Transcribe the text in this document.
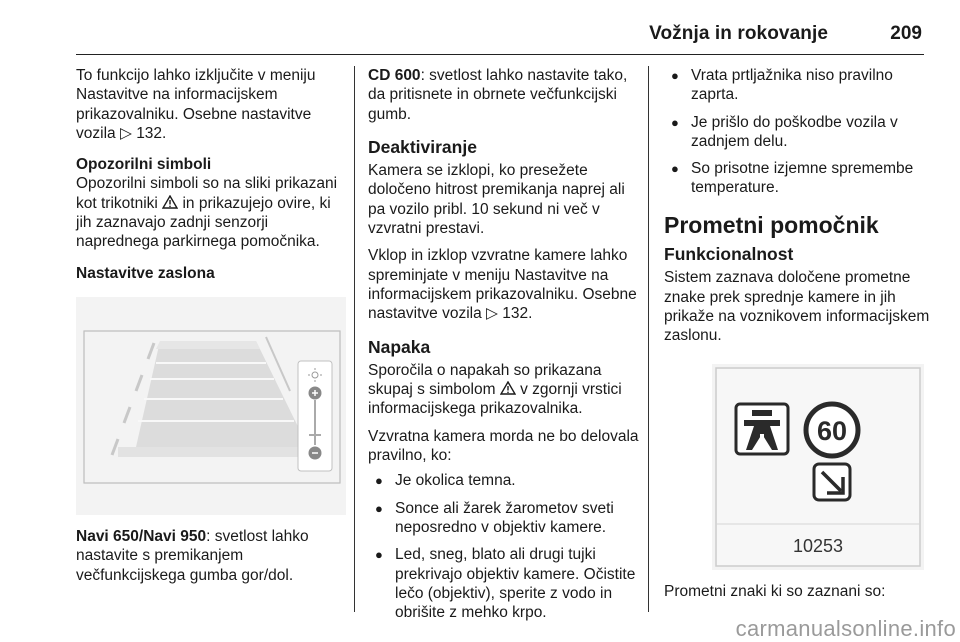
Vožnja in rokovanje	209

To funkcijo lahko izključite v meniju Nastavitve na informacijskem prikazovalniku. Osebne nastavitve vozila ▷ 132.

Opozorilni simboli

Opozorilni simboli so na sliki prikazani kot trikotniki in prikazujejo ovire, ki jih zaznavajo zadnji senzorji naprednega parkirnega pomočnika.

Nastavitve zaslona

Navi 650/Navi 950: svetlost lahko nastavite s premikanjem večfunkcijskega gumba gor/dol.

CD 600: svetlost lahko nastavite tako, da pritisnete in obrnete večfunkcijski gumb.

Deaktiviranje

Kamera se izklopi, ko presežete določeno hitrost premikanja naprej ali pa vozilo pribl. 10 sekund ni več v vzvratni prestavi.

Vklop in izklop vzvratne kamere lahko spreminjate v meniju Nastavitve na informacijskem prikazovalniku. Osebne nastavitve vozila ▷ 132.

Napaka

Sporočila o napakah so prikazana skupaj s simbolom v zgornji vrstici informacijskega prikazovalnika.

Vzvratna kamera morda ne bo delovala pravilno, ko:

● Je okolica temna.
● Sonce ali žarek žarometov sveti neposredno v objektiv kamere.
● Led, sneg, blato ali drugi tujki prekrivajo objektiv kamere. Očistite lečo (objektiv), sperite z vodo in obrišite z mehko krpo.
● Vrata prtljažnika niso pravilno zaprta.
● Je prišlo do poškodbe vozila v zadnjem delu.
● So prisotne izjemne spremembe temperature.

Prometni pomočnik

Funkcionalnost

Sistem zaznava določene prometne znake prek sprednje kamere in jih prikaže na voznikovem informacijskem zaslonu.

60
10253

Prometni znaki ki so zaznani so:

carmanualsonline.info
